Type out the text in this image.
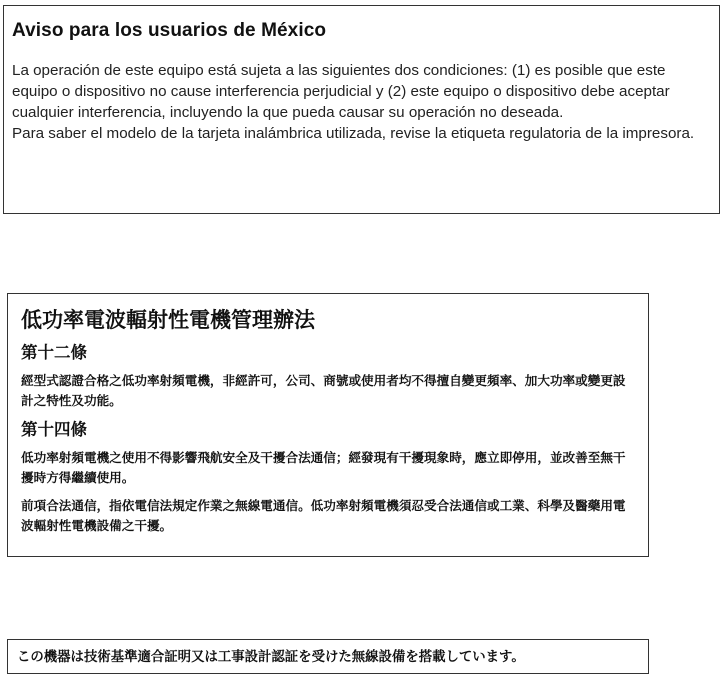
Aviso para los usuarios de México

La operación de este equipo está sujeta a las siguientes dos condiciones: (1) es posible que este equipo o dispositivo no cause interferencia perjudicial y (2) este equipo o dispositivo debe aceptar cualquier interferencia, incluyendo la que pueda causar su operación no deseada.

Para saber el modelo de la tarjeta inalámbrica utilizada, revise la etiqueta regulatoria de la impresora.

低功率電波輻射性電機管理辦法
第十二條
經型式認證合格之低功率射頻電機，非經許可，公司、商號或使用者均不得擅自變更頻率、加大功率或變更設計之特性及功能。
第十四條
低功率射頻電機之使用不得影響飛航安全及干擾合法通信；經發現有干擾現象時，應立即停用，並改善至無干擾時方得繼續使用。
前項合法通信，指依電信法規定作業之無線電通信。低功率射頻電機須忍受合法通信或工業、科學及醫藥用電波輻射性電機設備之干擾。

この機器は技術基準適合証明又は工事設計認証を受けた無線設備を搭載しています。
